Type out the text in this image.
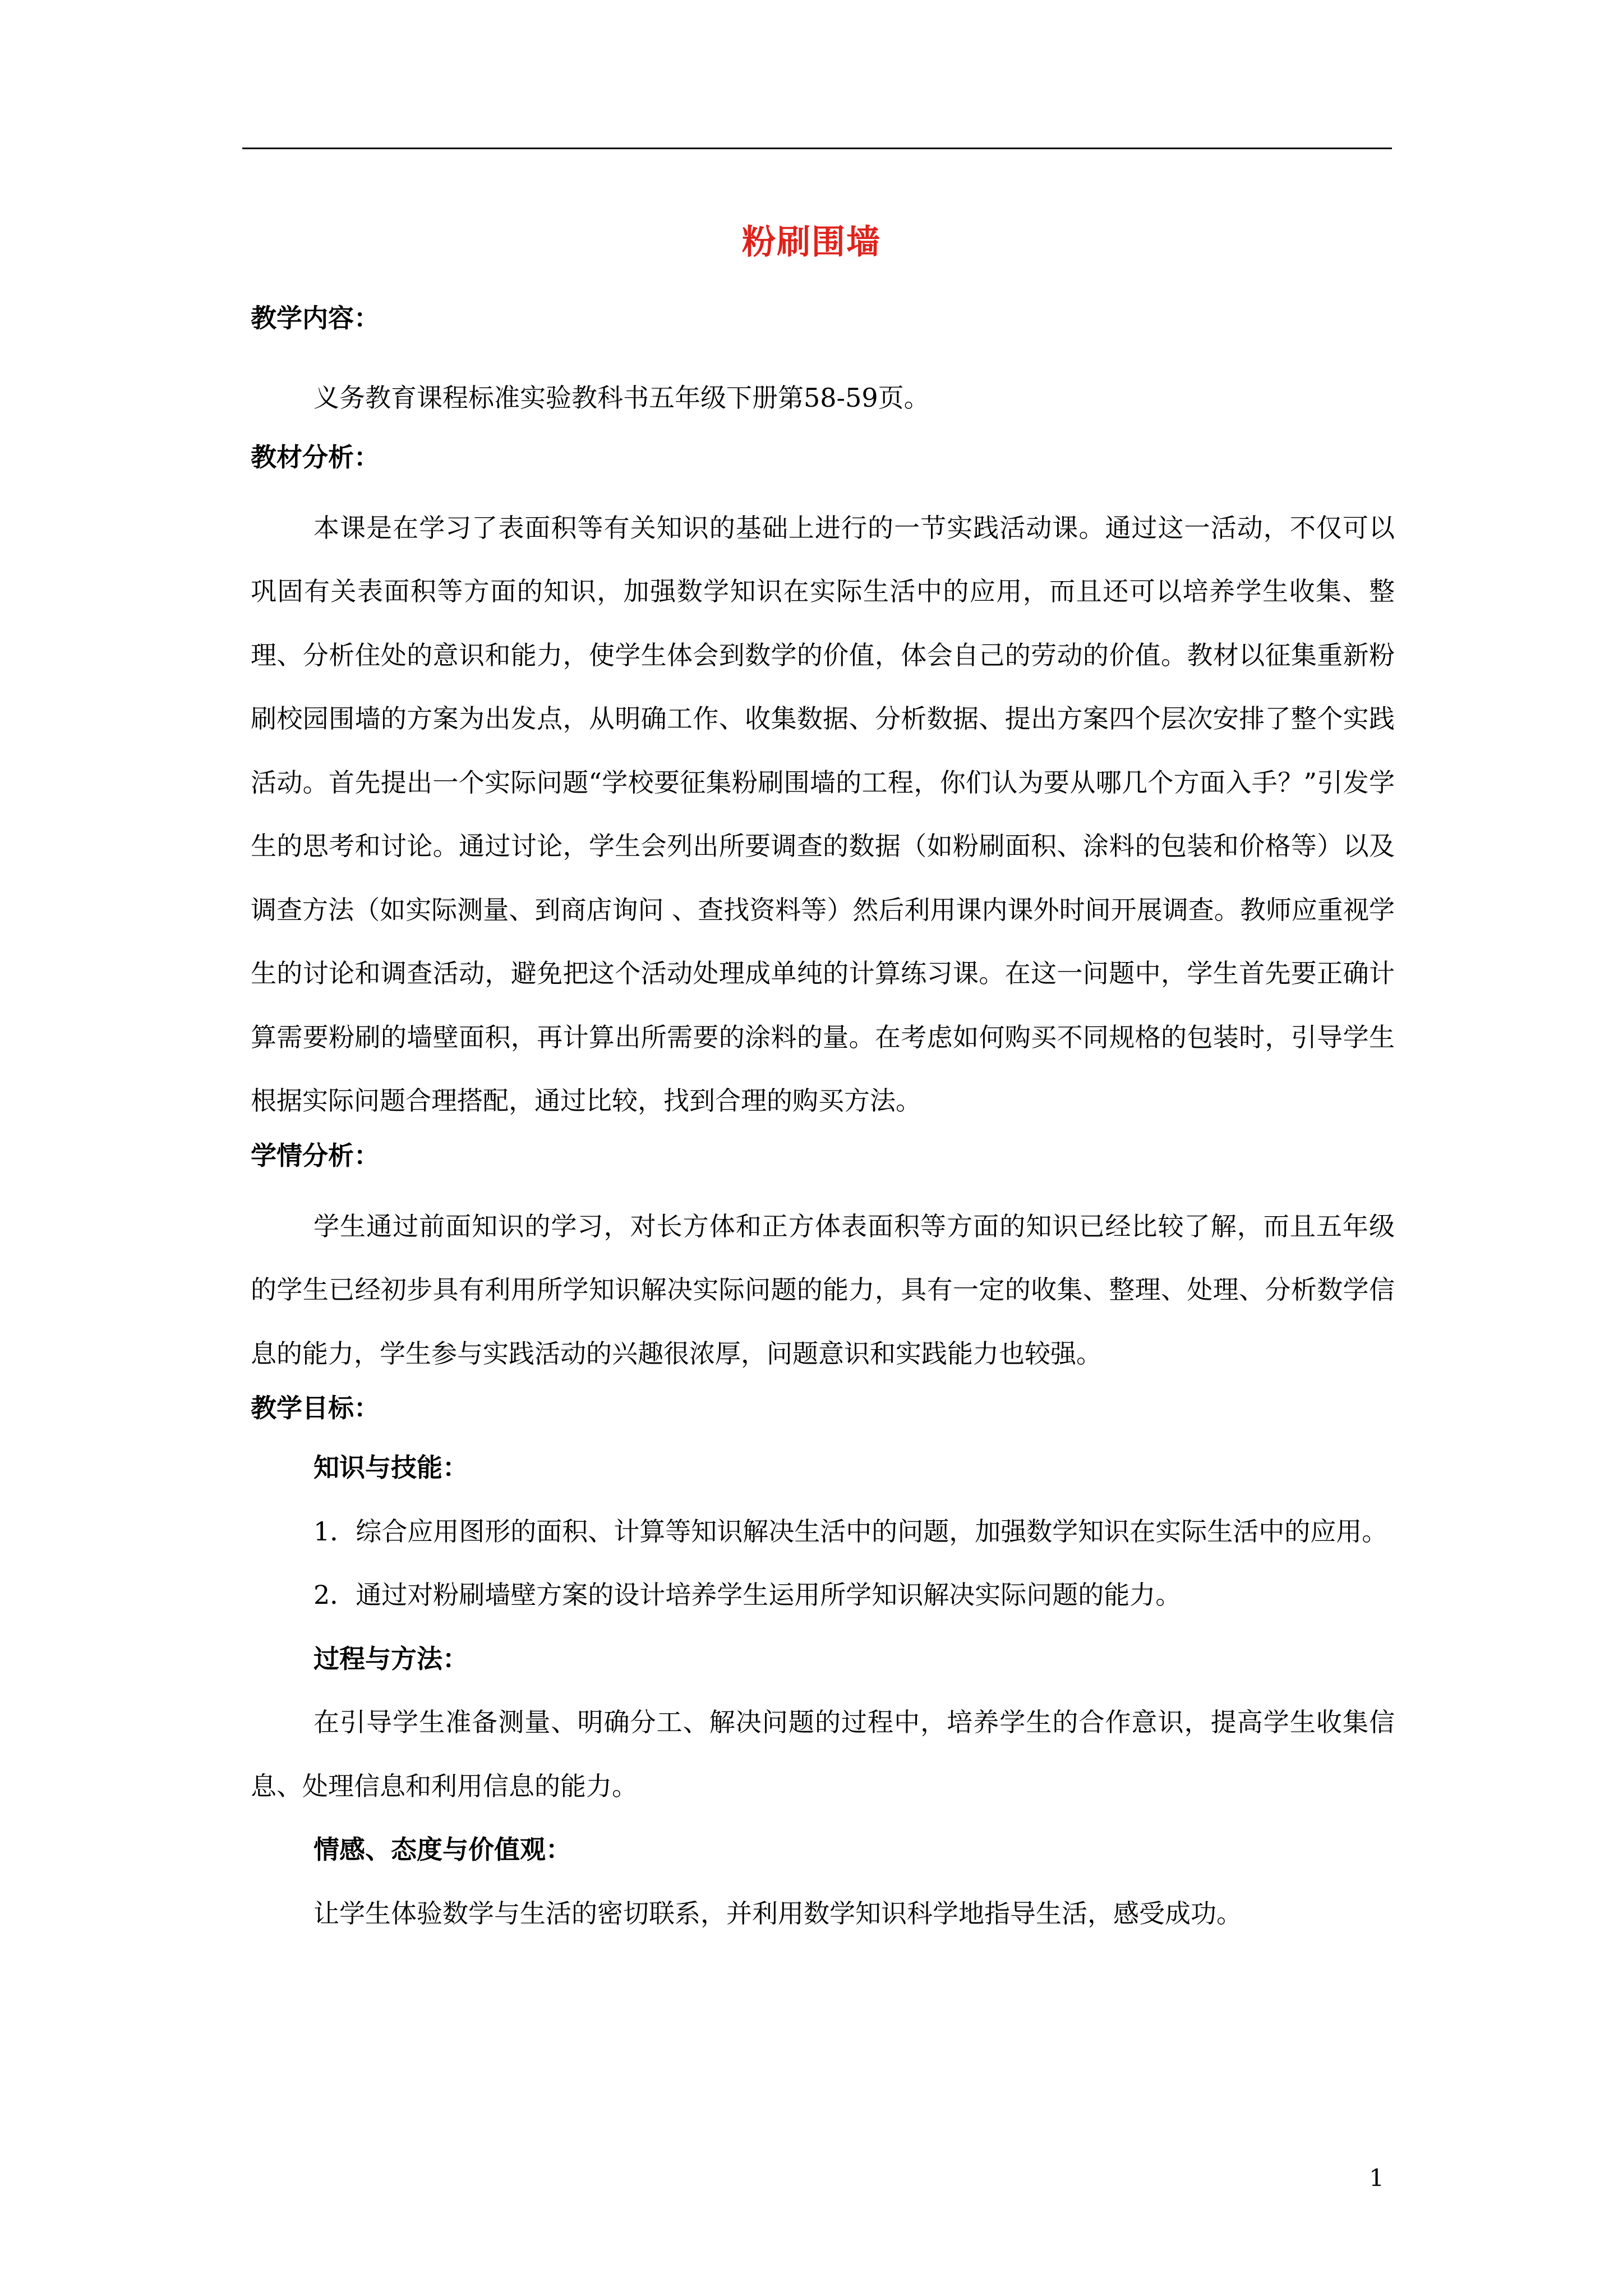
粉刷围墙
教学内容：

义务教育课程标准实验教科书五年级下册第58-59页。

教材分析：

本课是在学习了表面积等有关知识的基础上进行的一节实践活动课。通过这一活动，不仅可以巩固有关表面积等方面的知识，加强数学知识在实际生活中的应用，而且还可以培养学生收集、整理、分析住处的意识和能力，使学生体会到数学的价值，体会自己的劳动的价值。教材以征集重新粉刷校园围墙的方案为出发点，从明确工作、收集数据、分析数据、提出方案四个层次安排了整个实践活动。首先提出一个实际问题“学校要征集粉刷围墙的工程，你们认为要从哪几个方面入手？”引发学生的思考和讨论。通过讨论，学生会列出所要调查的数据（如粉刷面积、涂料的包装和价格等）以及调查方法（如实际测量、到商店询问 、查找资料等）然后利用课内课外时间开展调查。教师应重视学生的讨论和调查活动，避免把这个活动处理成单纯的计算练习课。在这一问题中，学生首先要正确计算需要粉刷的墙壁面积，再计算出所需要的涂料的量。在考虑如何购买不同规格的包装时，引导学生根据实际问题合理搭配，通过比较，找到合理的购买方法。

学情分析：

学生通过前面知识的学习，对长方体和正方体表面积等方面的知识已经比较了解，而且五年级的学生已经初步具有利用所学知识解决实际问题的能力，具有一定的收集、整理、处理、分析数学信息的能力，学生参与实践活动的兴趣很浓厚，问题意识和实践能力也较强。

教学目标：
知识与技能：

1．综合应用图形的面积、计算等知识解决生活中的问题，加强数学知识在实际生活中的应用。

2．通过对粉刷墙壁方案的设计培养学生运用所学知识解决实际问题的能力。

过程与方法：

在引导学生准备测量、明确分工、解决问题的过程中，培养学生的合作意识，提高学生收集信息、处理信息和利用信息的能力。

情感、态度与价值观：

让学生体验数学与生活的密切联系，并利用数学知识科学地指导生活，感受成功。

1
